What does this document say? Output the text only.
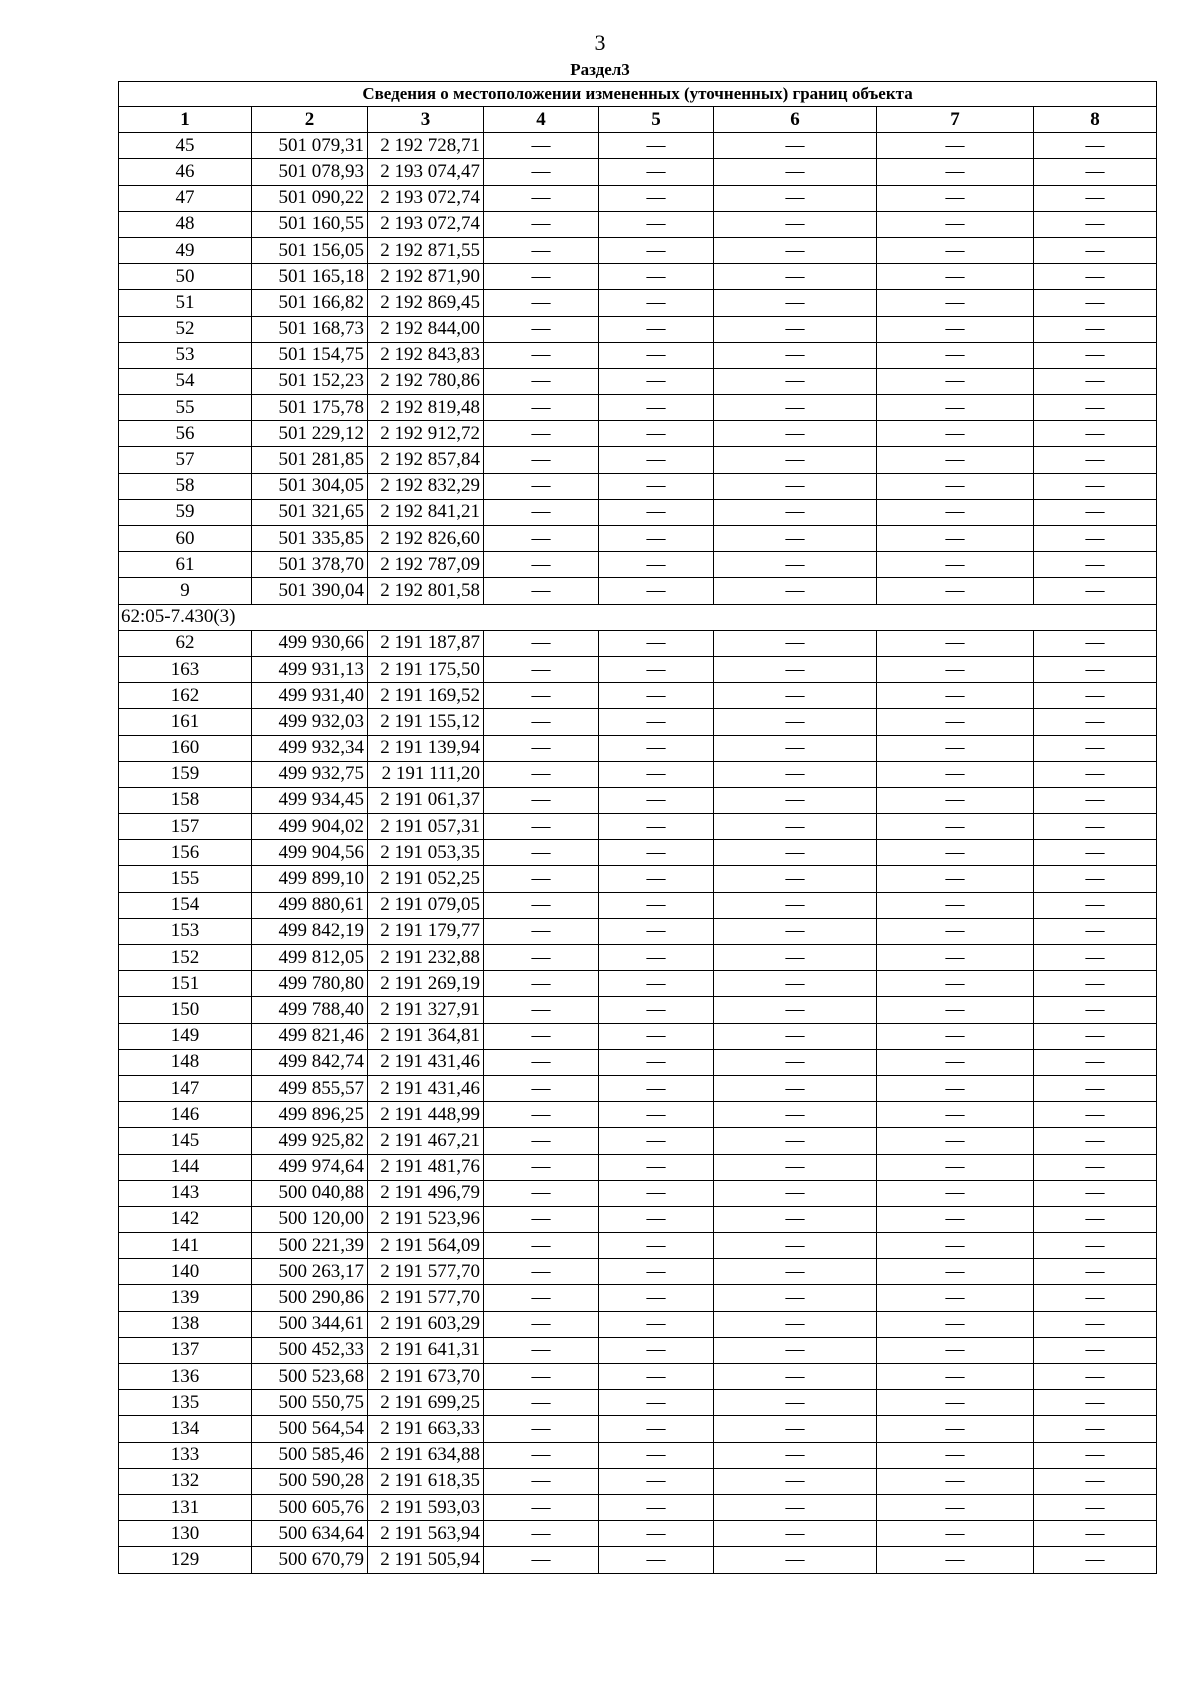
3
Раздел3
Сведения о местоположении измененных (уточненных) границ объекта							
1	2	3	4	5	6	7	8
45	501 079,31	2 192 728,71	—	—	—	—	—
46	501 078,93	2 193 074,47	—	—	—	—	—
47	501 090,22	2 193 072,74	—	—	—	—	—
48	501 160,55	2 193 072,74	—	—	—	—	—
49	501 156,05	2 192 871,55	—	—	—	—	—
50	501 165,18	2 192 871,90	—	—	—	—	—
51	501 166,82	2 192 869,45	—	—	—	—	—
52	501 168,73	2 192 844,00	—	—	—	—	—
53	501 154,75	2 192 843,83	—	—	—	—	—
54	501 152,23	2 192 780,86	—	—	—	—	—
55	501 175,78	2 192 819,48	—	—	—	—	—
56	501 229,12	2 192 912,72	—	—	—	—	—
57	501 281,85	2 192 857,84	—	—	—	—	—
58	501 304,05	2 192 832,29	—	—	—	—	—
59	501 321,65	2 192 841,21	—	—	—	—	—
60	501 335,85	2 192 826,60	—	—	—	—	—
61	501 378,70	2 192 787,09	—	—	—	—	—
9	501 390,04	2 192 801,58	—	—	—	—	—
62:05-7.430(3)							
62	499 930,66	2 191 187,87	—	—	—	—	—
163	499 931,13	2 191 175,50	—	—	—	—	—
162	499 931,40	2 191 169,52	—	—	—	—	—
161	499 932,03	2 191 155,12	—	—	—	—	—
160	499 932,34	2 191 139,94	—	—	—	—	—
159	499 932,75	2 191 111,20	—	—	—	—	—
158	499 934,45	2 191 061,37	—	—	—	—	—
157	499 904,02	2 191 057,31	—	—	—	—	—
156	499 904,56	2 191 053,35	—	—	—	—	—
155	499 899,10	2 191 052,25	—	—	—	—	—
154	499 880,61	2 191 079,05	—	—	—	—	—
153	499 842,19	2 191 179,77	—	—	—	—	—
152	499 812,05	2 191 232,88	—	—	—	—	—
151	499 780,80	2 191 269,19	—	—	—	—	—
150	499 788,40	2 191 327,91	—	—	—	—	—
149	499 821,46	2 191 364,81	—	—	—	—	—
148	499 842,74	2 191 431,46	—	—	—	—	—
147	499 855,57	2 191 431,46	—	—	—	—	—
146	499 896,25	2 191 448,99	—	—	—	—	—
145	499 925,82	2 191 467,21	—	—	—	—	—
144	499 974,64	2 191 481,76	—	—	—	—	—
143	500 040,88	2 191 496,79	—	—	—	—	—
142	500 120,00	2 191 523,96	—	—	—	—	—
141	500 221,39	2 191 564,09	—	—	—	—	—
140	500 263,17	2 191 577,70	—	—	—	—	—
139	500 290,86	2 191 577,70	—	—	—	—	—
138	500 344,61	2 191 603,29	—	—	—	—	—
137	500 452,33	2 191 641,31	—	—	—	—	—
136	500 523,68	2 191 673,70	—	—	—	—	—
135	500 550,75	2 191 699,25	—	—	—	—	—
134	500 564,54	2 191 663,33	—	—	—	—	—
133	500 585,46	2 191 634,88	—	—	—	—	—
132	500 590,28	2 191 618,35	—	—	—	—	—
131	500 605,76	2 191 593,03	—	—	—	—	—
130	500 634,64	2 191 563,94	—	—	—	—	—
129	500 670,79	2 191 505,94	—	—	—	—	—
